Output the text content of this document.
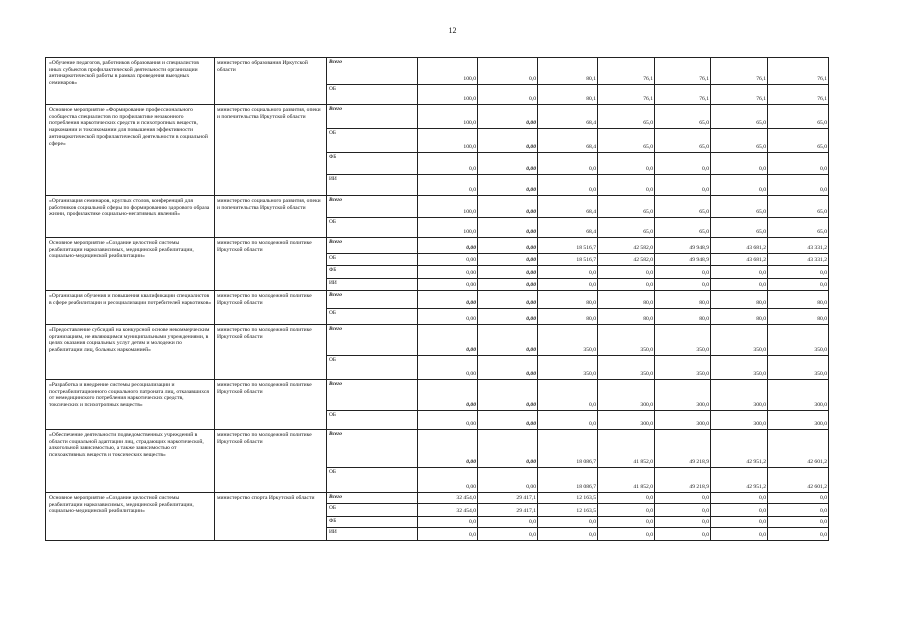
12
«Обучение педагогов, работников образования и специалистов иных субъектов профилактической деятельности организации антинаркотической работы в рамках проведения выездных семинаров»	министерство образования Иркутской области	Всего	100,0	0,0	80,1	76,1	76,1	76,1	76,1
		ОБ	100,0	0,0	80,1	76,1	76,1	76,1	76,1
Основное мероприятие «Формирование профессионального сообщества специалистов по профилактике незаконного потребления наркотических средств и психотропных веществ, наркомании и токсикомании для повышения эффективности антинаркотической профилактической деятельности в социальной сфере»	министерство социального развития, опеки и попечительства Иркутской области	Всего	100,0	0,00	68,4	65,0	65,0	65,0	65,0
		ОБ	100,0	0,00	68,4	65,0	65,0	65,0	65,0
		ФБ	0,0	0,00	0,0	0,0	0,0	0,0	0,0
		ИИ	0,0	0,00	0,0	0,0	0,0	0,0	0,0
«Организация семинаров, круглых столов, конференций для работников социальной сферы по формированию здорового образа жизни, профилактике социально-негативных явлений»	министерство социального развития, опеки и попечительства Иркутской области	Всего	100,0	0,00	68,4	65,0	65,0	65,0	65,0
		ОБ	100,0	0,00	68,4	65,0	65,0	65,0	65,0
Основное мероприятие «Создание целостной системы реабилитации наркозависимых, медицинской реабилитации, социально-медицинской реабилитации»	министерство по молодежной политике Иркутской области	Всего	0,00	0,00	18 516,7	42 582,0	49 948,9	43 681,2	43 331,2
		ОБ	0,00	0,00	18 516,7	42 582,0	49 948,9	43 681,2	43 331,2
		ФБ	0,00	0,00	0,0	0,0	0,0	0,0	0,0
		ИИ	0,00	0,00	0,0	0,0	0,0	0,0	0,0
«Организация обучения и повышения квалификации специалистов в сфере реабилитации и ресоциализации потребителей наркотиков»	министерство по молодежной политике Иркутской области	Всего	0,00	0,00	80,0	80,0	80,0	80,0	80,0
		ОБ	0,00	0,00	80,0	80,0	80,0	80,0	80,0
«Предоставление субсидий на конкурсной основе некоммерческим организациям, не являющимся муниципальными учреждениями, в целях оказания социальных услуг детям и молодежи по реабилитации лиц, больных наркоманией»	министерство по молодежной политике Иркутской области	Всего	0,00	0,00	350,0	350,0	350,0	350,0	350,0
		ОБ	0,00	0,00	350,0	350,0	350,0	350,0	350,0
«Разработка и внедрение системы ресоциализации и постреабилитационного социального патроната лиц, отказавшихся от немедицинского потребления наркотических средств, токсических и психотропных веществ»	министерство по молодежной политике Иркутской области	Всего	0,00	0,00	0,0	300,0	300,0	300,0	300,0
		ОБ	0,00	0,00	0,0	300,0	300,0	300,0	300,0
«Обеспечение деятельности подведомственных учреждений в области социальной адаптации лиц, страдающих наркотической, алкогольной зависимостью, а также зависимостью от психоактивных веществ и токсических веществ»	министерство по молодежной политике Иркутской области	Всего	0,00	0,00	18 086,7	41 852,0	49 218,9	42 951,2	42 601,2
		ОБ	0,00	0,00	18 086,7	41 852,0	49 218,9	42 951,2	42 601,2
Основное мероприятие «Создание целостной системы реабилитации наркозависимых, медицинской реабилитации, социально-медицинской реабилитации»	министерство спорта Иркутской области	Всего	32 454,0	29 417,1	12 163,5	0,0	0,0	0,0	0,0
		ОБ	32 454,0	29 417,1	12 163,5	0,0	0,0	0,0	0,0
		ФБ	0,0	0,0	0,0	0,0	0,0	0,0	0,0
		ИИ	0,0	0,0	0,0	0,0	0,0	0,0	0,0
